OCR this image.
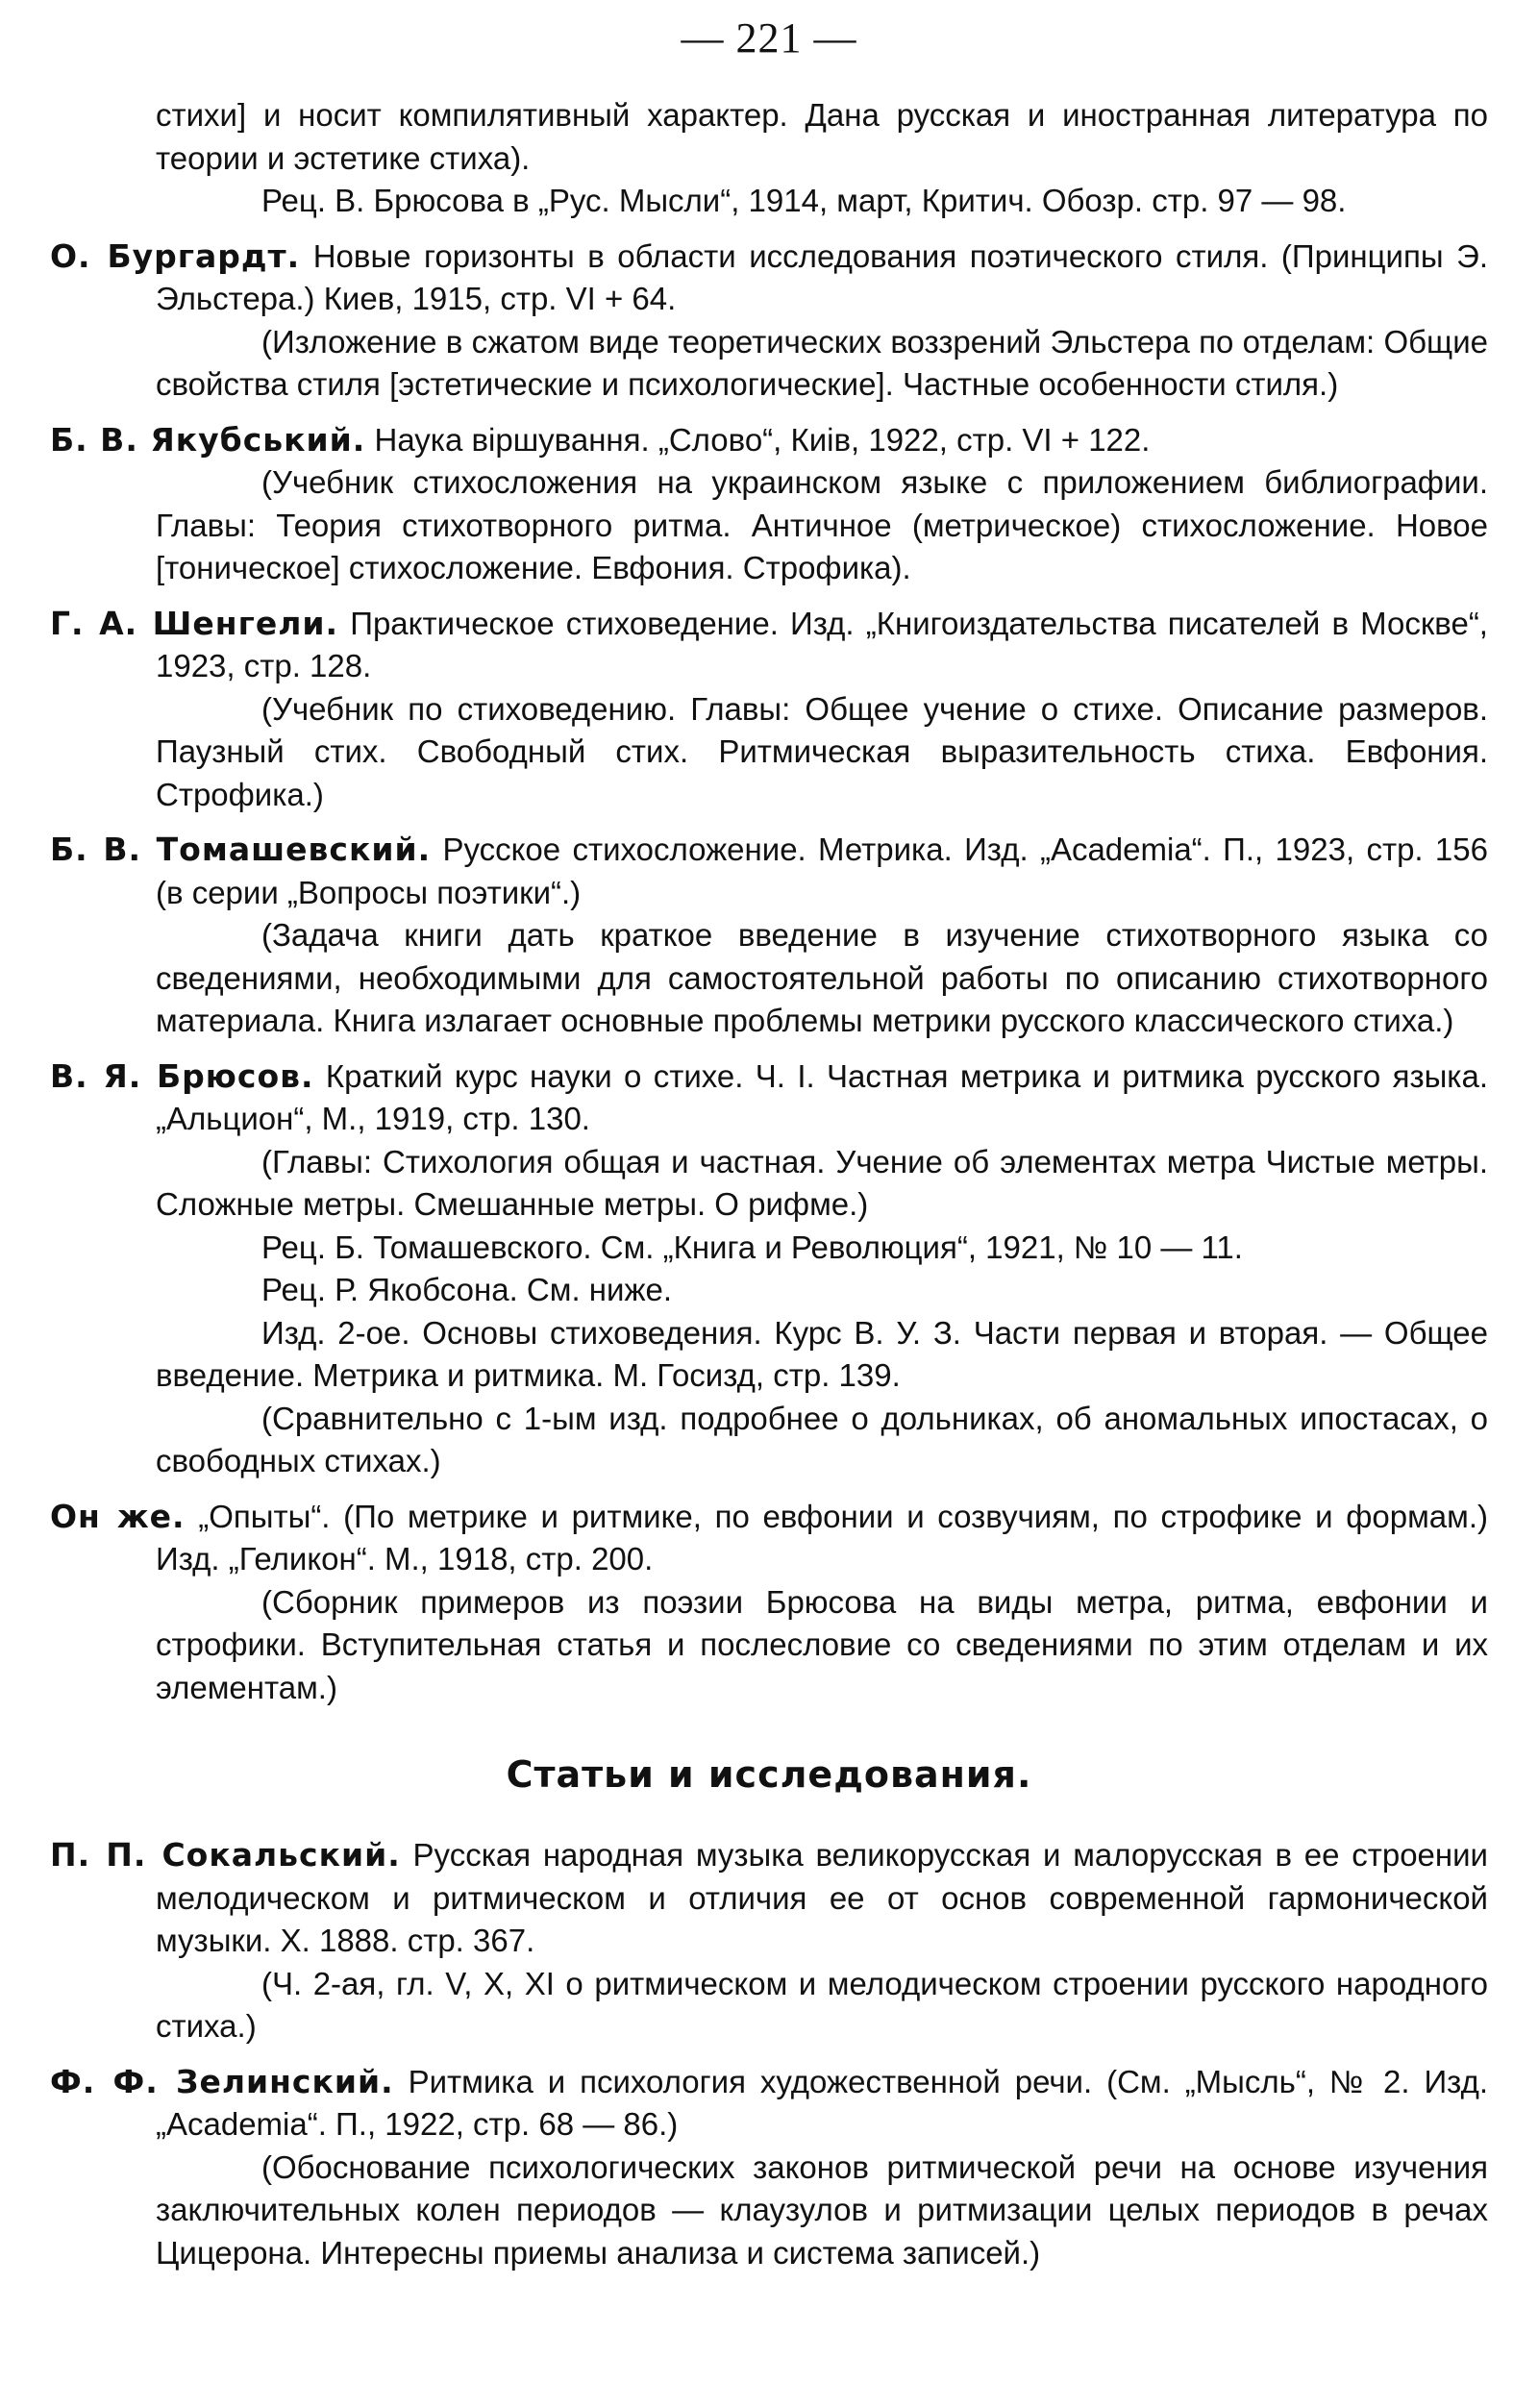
— 221 —

стихи] и носит компилятивный характер. Дана русская и иностранная литература по теории и эстетике стиха).

Рец. В. Брюсова в „Рус. Мысли“, 1914, март, Критич. Обозр. стр. 97 — 98.

О. Бургардт. Новые горизонты в области исследования поэтического стиля. (Принципы Э. Эльстера.) Киев, 1915, стр. VI + 64.

(Изложение в сжатом виде теоретических воззрений Эльстера по отделам: Общие свойства стиля [эстетические и психологические]. Частные особенности стиля.)

Б. В. Якубський. Наука віршування. „Слово“, Киів, 1922, стр. VI + 122.

(Учебник стихосложения на украинском языке с приложением библиографии. Главы: Теория стихотворного ритма. Античное (метрическое) стихосложение. Новое [тоническое] стихосложение. Евфония. Строфика).

Г. А. Шенгели. Практическое стиховедение. Изд. „Книгоиздательства писателей в Москве“, 1923, стр. 128.

(Учебник по стиховедению. Главы: Общее учение о стихе. Описание размеров. Паузный стих. Свободный стих. Ритмическая выразительность стиха. Евфония. Строфика.)

Б. В. Томашевский. Русское стихосложение. Метрика. Изд. „Academia“. П., 1923, стр. 156 (в серии „Вопросы поэтики“.)

(Задача книги дать краткое введение в изучение стихотворного языка со сведениями, необходимыми для самостоятельной работы по описанию стихотворного материала. Книга излагает основные проблемы метрики русского классического стиха.)

В. Я. Брюсов. Краткий курс науки о стихе. Ч. I. Частная метрика и ритмика русского языка. „Альцион“, М., 1919, стр. 130.

(Главы: Стихология общая и частная. Учение об элементах метра Чистые метры. Сложные метры. Смешанные метры. О рифме.)

Рец. Б. Томашевского. См. „Книга и Революция“, 1921, № 10 — 11.

Рец. Р. Якобсона. См. ниже.

Изд. 2-ое. Основы стиховедения. Курс В. У. З. Части первая и вторая. — Общее введение. Метрика и ритмика. М. Госизд, стр. 139.

(Сравнительно с 1-ым изд. подробнее о дольниках, об аномальных ипостасах, о свободных стихах.)

Он же. „Опыты“. (По метрике и ритмике, по евфонии и созвучиям, по строфике и формам.) Изд. „Геликон“. М., 1918, стр. 200.

(Сборник примеров из поэзии Брюсова на виды метра, ритма, евфонии и строфики. Вступительная статья и послесловие со сведениями по этим отделам и их элементам.)

Статьи и исследования.

П. П. Сокальский. Русская народная музыка великорусская и малорусская в ее строении мелодическом и ритмическом и отличия ее от основ современной гармонической музыки. Х. 1888. стр. 367.

(Ч. 2-ая, гл. V, X, XI о ритмическом и мелодическом строении русского народного стиха.)

Ф. Ф. Зелинский. Ритмика и психология художественной речи. (См. „Мысль“, № 2. Изд. „Academia“. П., 1922, стр. 68 — 86.)

(Обоснование психологических законов ритмической речи на основе изучения заключительных колен периодов — клаузулов и ритмизации целых периодов в речах Цицерона. Интересны приемы анализа и система записей.)
